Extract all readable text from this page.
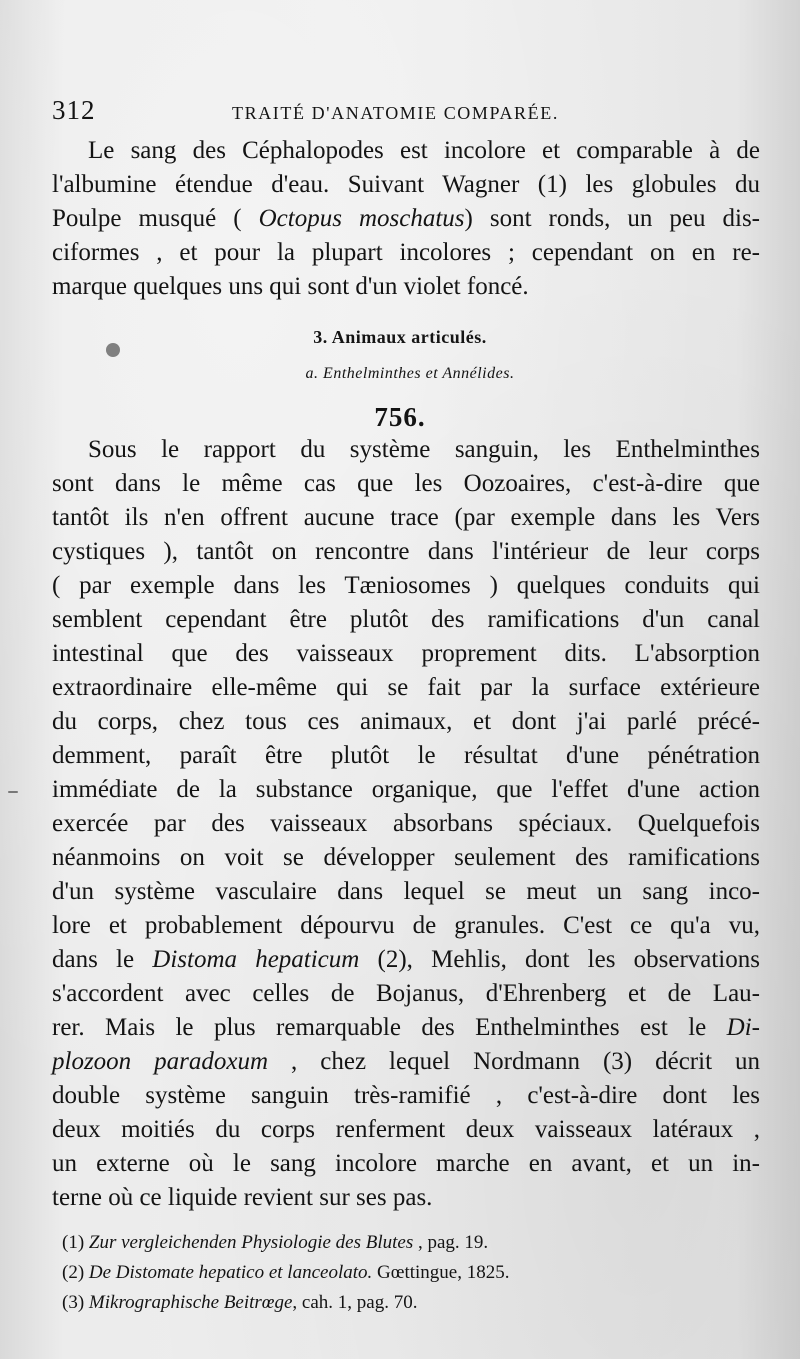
312	TRAITÉ D'ANATOMIE COMPARÉE.
Le sang des Céphalopodes est incolore et comparable à de
l'albumine étendue d'eau. Suivant Wagner (1) les globules du
Poulpe musqué ( Octopus moschatus) sont ronds, un peu dis-
ciformes , et pour la plupart incolores ; cependant on en re-
marque quelques uns qui sont d'un violet foncé.
3. Animaux articulés.
a. Enthelminthes et Annélides.
756.
Sous le rapport du système sanguin, les Enthelminthes
sont dans le même cas que les Oozoaires, c'est-à-dire que
tantôt ils n'en offrent aucune trace (par exemple dans les Vers
cystiques ), tantôt on rencontre dans l'intérieur de leur corps
( par exemple dans les Tæniosomes ) quelques conduits qui
semblent cependant être plutôt des ramifications d'un canal
intestinal que des vaisseaux proprement dits. L'absorption
extraordinaire elle-même qui se fait par la surface extérieure
du corps, chez tous ces animaux, et dont j'ai parlé précé-
demment, paraît être plutôt le résultat d'une pénétration
immédiate de la substance organique, que l'effet d'une action
exercée par des vaisseaux absorbans spéciaux. Quelquefois
néanmoins on voit se développer seulement des ramifications
d'un système vasculaire dans lequel se meut un sang inco-
lore et probablement dépourvu de granules. C'est ce qu'a vu,
dans le Distoma hepaticum (2), Mehlis, dont les observations
s'accordent avec celles de Bojanus, d'Ehrenberg et de Lau-
rer. Mais le plus remarquable des Enthelminthes est le Di-
plozoon paradoxum , chez lequel Nordmann (3) décrit un
double système sanguin très-ramifié , c'est-à-dire dont les
deux moitiés du corps renferment deux vaisseaux latéraux ,
un externe où le sang incolore marche en avant, et un in-
terne où ce liquide revient sur ses pas.
(1) Zur vergleichenden Physiologie des Blutes , pag. 19.
(2) De Distomate hepatico et lanceolato. Gœttingue, 1825.
(3) Mikrographische Beitrœge, cah. 1, pag. 70.
